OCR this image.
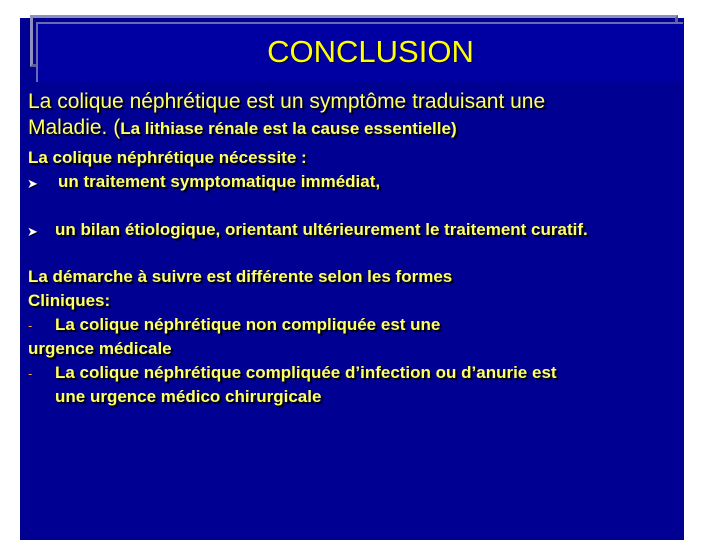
CONCLUSION

La colique néphrétique est un symptôme traduisant une

Maladie. (La lithiase rénale est la cause essentielle)

La colique néphrétique nécessite :

➤ un traitement symptomatique immédiat,

➤ un bilan étiologique, orientant ultérieurement le traitement curatif.

La démarche à suivre est différente selon les formes

Cliniques:

- La colique néphrétique non compliquée est une

urgence médicale

- La colique néphrétique compliquée d’infection ou d’anurie est

une urgence médico chirurgicale
